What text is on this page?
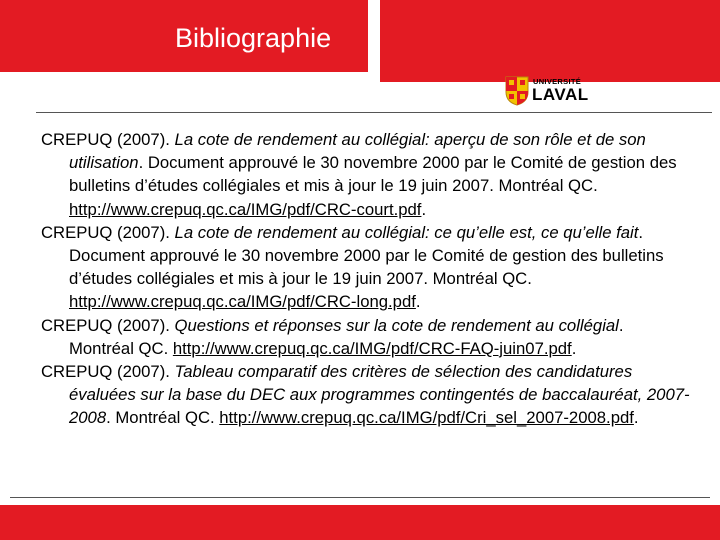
Bibliographie
UNIVERSITÉ
LAVAL

CREPUQ (2007). La cote de rendement au collégial: aperçu de son rôle et de son utilisation. Document approuvé le 30 novembre 2000 par le Comité de gestion des bulletins d’études collégiales et mis à jour le 19 juin 2007. Montréal QC. http://www.crepuq.qc.ca/IMG/pdf/CRC-court.pdf.

CREPUQ (2007). La cote de rendement au collégial: ce qu’elle est, ce qu’elle fait. Document approuvé le 30 novembre 2000 par le Comité de gestion des bulletins d’études collégiales et mis à jour le 19 juin 2007. Montréal QC. http://www.crepuq.qc.ca/IMG/pdf/CRC-long.pdf.

CREPUQ (2007). Questions et réponses sur la cote de rendement au collégial. Montréal QC. http://www.crepuq.qc.ca/IMG/pdf/CRC-FAQ-juin07.pdf.

CREPUQ (2007). Tableau comparatif des critères de sélection des candidatures évaluées sur la base du DEC aux programmes contingentés de baccalauréat, 2007-2008. Montréal QC. http://www.crepuq.qc.ca/IMG/pdf/Cri_sel_2007-2008.pdf.
